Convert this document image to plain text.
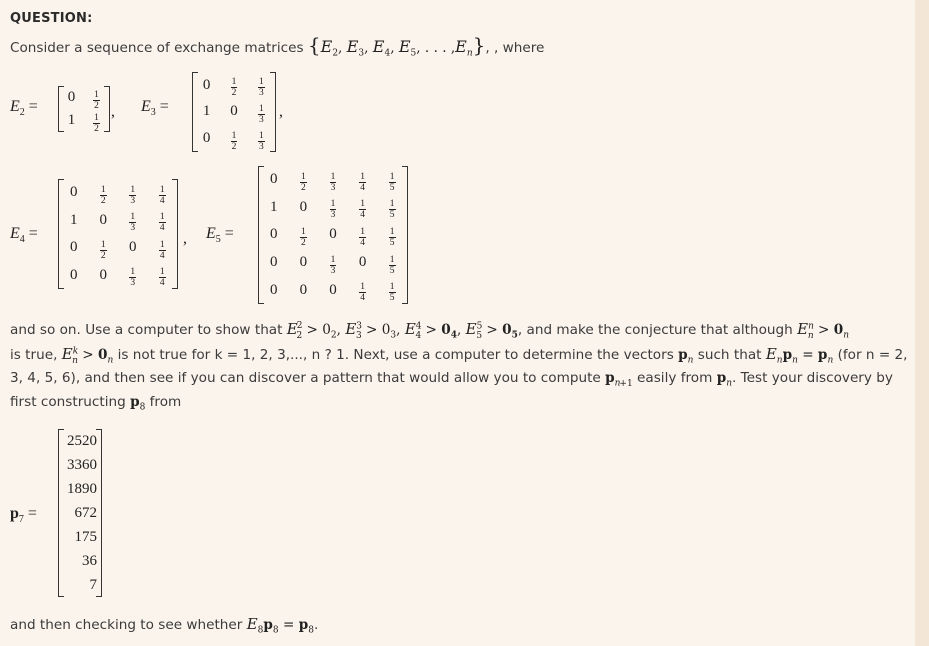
QUESTION:
Consider a sequence of exchange matrices {$E_2$, $E_3$, $E_4$, $E_5$, . . . $,E_n$}, , where
$E_2$ =
0	$\frac{1}{2}$
1	$\frac{1}{2}$
, $E_3$ =
0	$\frac{1}{2} \frac{1}{3}$
1	0	$\frac{1}{3}$
0	$\frac{1}{2} \frac{1}{3}$
,
$E_4$ =
0	$\frac{1}{2} \frac{1}{3} \frac{1}{4}$
1	0	$\frac{1}{3} \frac{1}{4}$
0	$\frac{1}{2}$	0	$\frac{1}{4}$
0	0	$\frac{1}{3} \frac{1}{4}$
, $E_5$ =
0	$\frac{1}{2} \frac{1}{3} \frac{1}{4} \frac{1}{5}$
1	0	$\frac{1}{3} \frac{1}{4} \frac{1}{5}$
0	$\frac{1}{2}$	0	$\frac{1}{4} \frac{1}{5}$
0	0	$\frac{1}{3}$	0	$\frac{1}{5}$
0	0	0	$\frac{1}{4} \frac{1}{5}$
and so on. Use a computer to show that $E^2_2 > 0_2$, $E^3_3 > 0_3$, $E^4_4 > 0_4$, $E^5_5 > 0_5$, and make the conjecture that although $E^n_n > 0_n$
is true, $E^k_n > 0_n$ is not true for k = 1, 2, 3,..., n ? 1. Next, use a computer to determine the vectors $p_n$ such that $E_np_n = p_n$ (for n = 2,
3, 4, 5, 6), and then see if you can discover a pattern that would allow you to compute $p_{n+1}$ easily from $p_n$. Test your discovery by
first constructing $p_8$ from
$p_7$ =
2520
3360
1890
672
175
36
7
and then checking to see whether $E_8p_8 = p_8$.
